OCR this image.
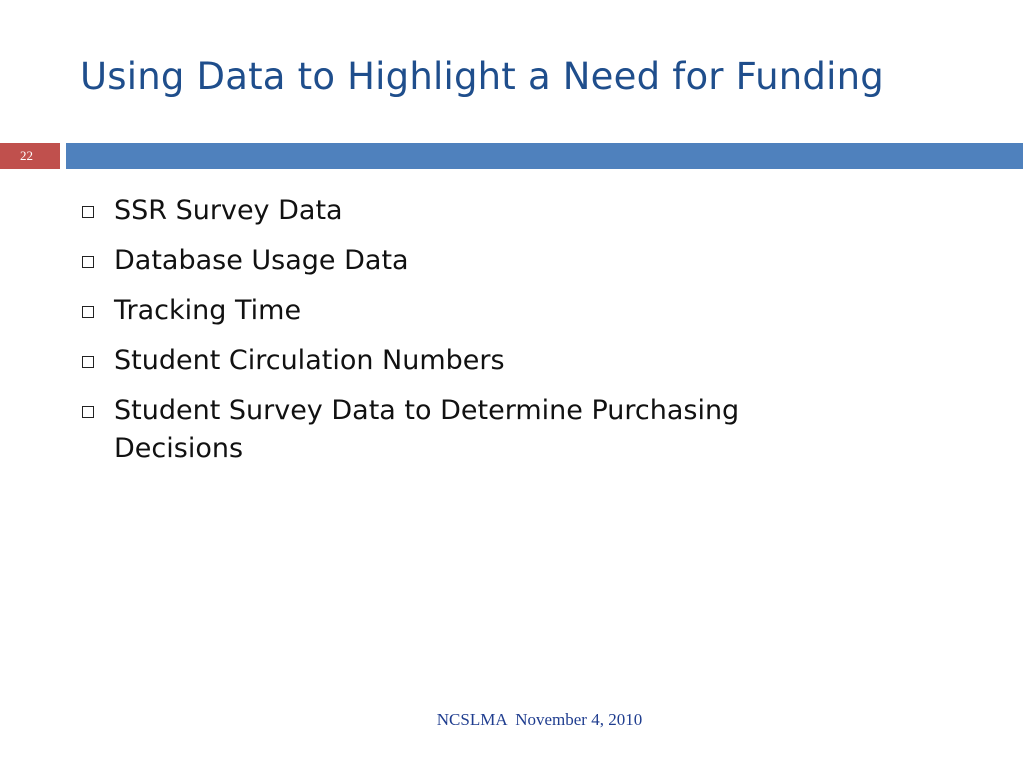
Using Data to Highlight a Need for Funding
22
SSR Survey Data
Database Usage Data
Tracking Time
Student Circulation Numbers
Student Survey Data to Determine Purchasing Decisions
NCSLMA  November 4, 2010
